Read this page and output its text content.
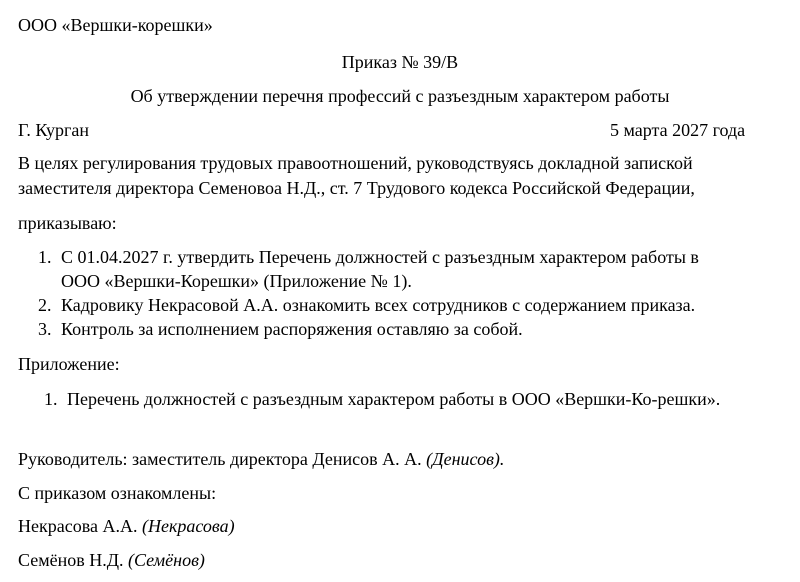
ООО «Вершки-корешки»
Приказ № 39/В
Об утверждении перечня профессий с разъездным характером работы
Г. Курган	5 марта 2027 года
В целях регулирования трудовых правоотношений, руководствуясь докладной запиской
заместителя директора Семеновоа Н.Д., ст. 7 Трудового кодекса Российской Федерации,
приказываю:
1. С 01.04.2027 г. утвердить Перечень должностей с разъездным характером работы в
ООО «Вершки-Корешки» (Приложение № 1).
2. Кадровику Некрасовой А.А. ознакомить всех сотрудников с содержанием приказа.
3. Контроль за исполнением распоряжения оставляю за собой.
Приложение:
1. Перечень должностей с разъездным характером работы в ООО «Вершки-Ко-решки».
Руководитель: заместитель директора Денисов А. А. (Денисов).
С приказом ознакомлены:
Некрасова А.А. (Некрасова)
Семёнов Н.Д. (Семёнов)
